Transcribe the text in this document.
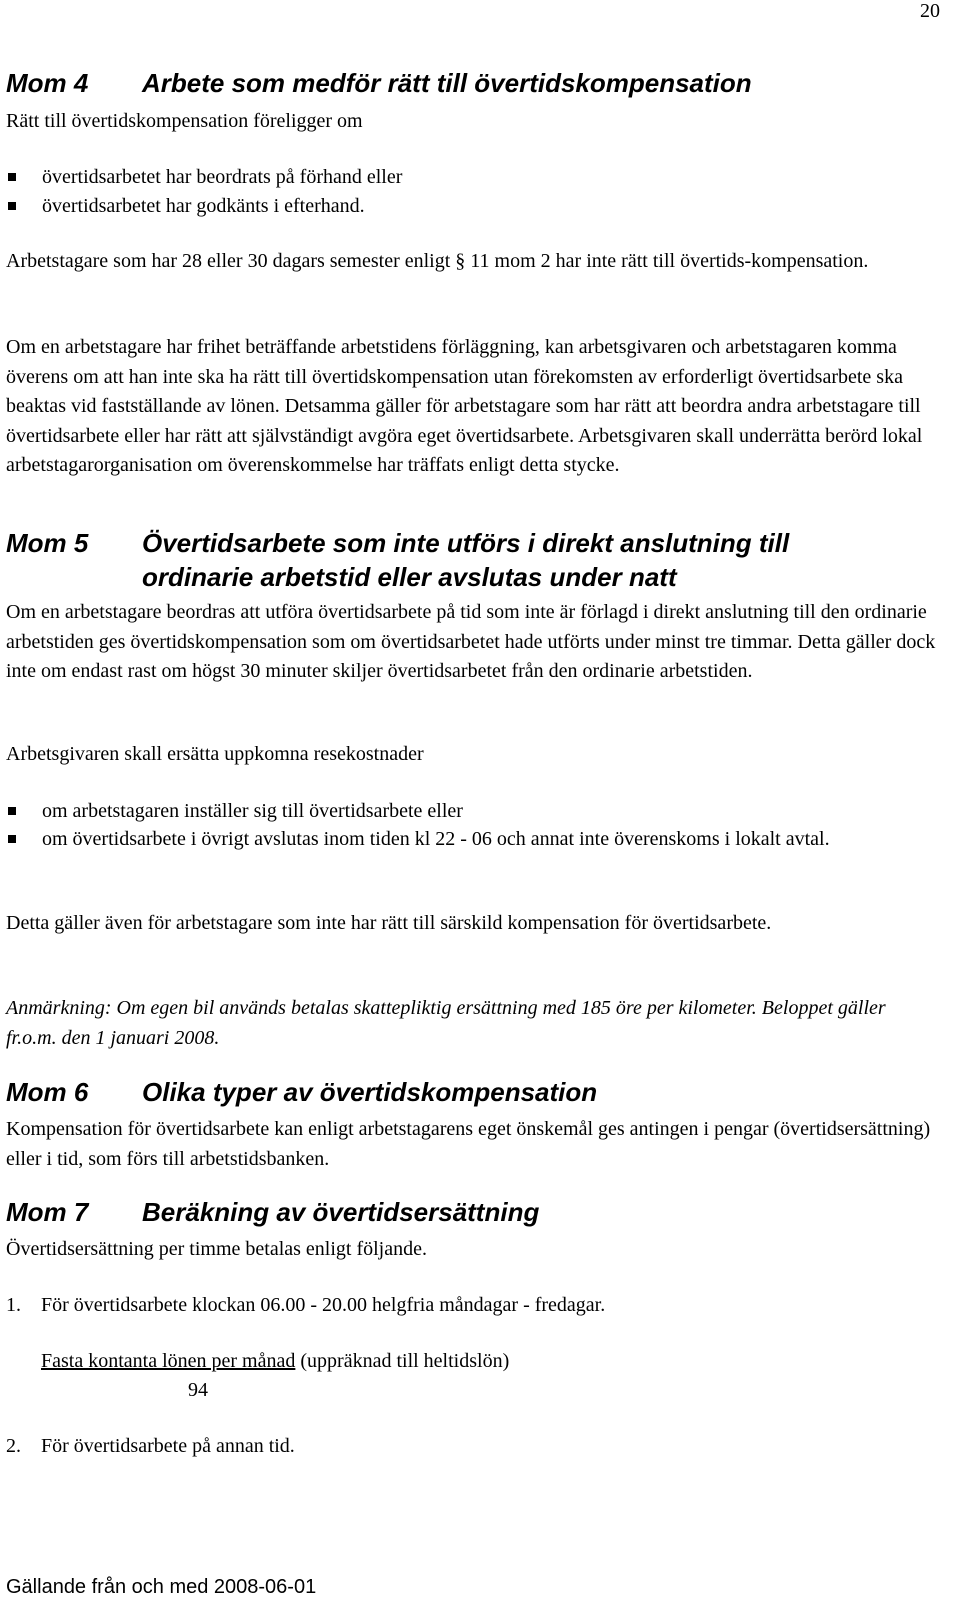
20
Mom 4	Arbete som medför rätt till övertidskompensation
Rätt till övertidskompensation föreligger om
övertidsarbetet har beordrats på förhand eller
övertidsarbetet har godkänts i efterhand.
Arbetstagare som har 28 eller 30 dagars semester enligt § 11 mom 2 har inte rätt till övertids-kompensation.
Om en arbetstagare har frihet beträffande arbetstidens förläggning, kan arbetsgivaren och arbetstagaren komma överens om att han inte ska ha rätt till övertidskompensation utan förekomsten av erforderligt övertidsarbete ska beaktas vid fastställande av lönen. Detsamma gäller för arbetstagare som har rätt att beordra andra arbetstagare till övertidsarbete eller har rätt att självständigt avgöra eget övertidsarbete. Arbetsgivaren skall underrätta berörd lokal arbetstagarorganisation om överenskommelse har träffats enligt detta stycke.
Mom 5	Övertidsarbete som inte utförs i direkt anslutning till
ordinarie arbetstid eller avslutas under natt
Om en arbetstagare beordras att utföra övertidsarbete på tid som inte är förlagd i direkt anslutning till den ordinarie arbetstiden ges övertidskompensation som om övertidsarbetet hade utförts under minst tre timmar. Detta gäller dock inte om endast rast om högst 30 minuter skiljer övertidsarbetet från den ordinarie arbetstiden.
Arbetsgivaren skall ersätta uppkomna resekostnader
om arbetstagaren inställer sig till övertidsarbete eller
om övertidsarbete i övrigt avslutas inom tiden kl 22 - 06 och annat inte överenskoms i lokalt avtal.
Detta gäller även för arbetstagare som inte har rätt till särskild kompensation för övertidsarbete.
Anmärkning: Om egen bil används betalas skattepliktig ersättning med 185 öre per kilometer. Beloppet gäller fr.o.m. den 1 januari 2008.
Mom 6	Olika typer av övertidskompensation
Kompensation för övertidsarbete kan enligt arbetstagarens eget önskemål ges antingen i pengar (övertidsersättning) eller i tid, som förs till arbetstidsbanken.
Mom 7	Beräkning av övertidsersättning
Övertidsersättning per timme betalas enligt följande.
1. För övertidsarbete klockan 06.00 - 20.00 helgfria måndagar - fredagar.
Fasta kontanta lönen per månad (uppräknad till heltidslön)
94
2. För övertidsarbete på annan tid.
Gällande från och med 2008-06-01
